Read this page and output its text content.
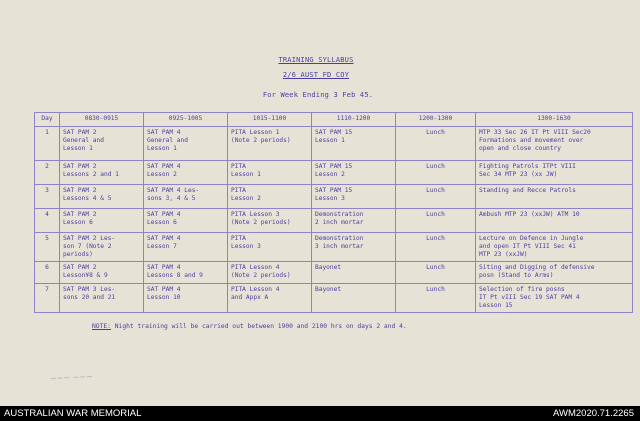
TRAINING SYLLABUS
2/6 AUST FD COY
For Week Ending 3 Feb 45.
Day	0830-0915	0925-1005	1015-1100	1110-1200	1200-1300	1300-1630
1	SAT PAM 2
General and
Lesson 1	SAT PAM 4
General and
Lesson 1	PITA Lesson 1
(Note 2 periods)	SAT PAM 15
Lesson 1	Lunch	MTP 33 Sec 26 IT Pt VIII Sec20
Formations and movement over
open and close country
2	SAT PAM 2
Lessons 2 and 1	SAT PAM 4
Lesson 2	PITA
Lesson 1	SAT PAM 15
Lesson 2	Lunch	Fighting Patrols ITPt VIII
Sec 34 MTP 23 (xx JW)
3	SAT PAM 2
Lessons 4 & 5	SAT PAM 4 Les-
sons 3, 4 & 5	PITA
Lesson 2	SAT PAM 15
Lesson 3	Lunch	Standing and Recce Patrols
4	SAT PAM 2
Lesson 6	SAT PAM 4
Lesson 6	PITA Lesson 3
(Note 2 periods)	Demonstration
2 inch mortar	Lunch	Ambush MTP 23 (xxJW) ATM 10
5	SAT PAM 2 Les-
son 7 (Note 2
periods)	SAT PAM 4
Lesson 7	PITA
Lesson 3	Demonstration
3 inch mortar	Lunch	Lecture on Defence in Jungle
and open IT Pt VIII Sec 41
MTP 23 (xxJW)
6	SAT PAM 2
Lesson¥8 & 9	SAT PAM 4
Lessons 8 and 9	PITA Lesson 4
(Note 2 periods)	Bayonet	Lunch	Siting and Digging of defensive
posn (Stand to Arms)
7	SAT PAM 3 Les-
sons 20 and 21	SAT PAM 4
Lesson 10	PITA Lesson 4
and Appx A	Bayonet	Lunch	Selection of fire posns
IT Pt vIII Sec 19 SAT PAM 4
Lesson 15
NOTE: Night training will be carried out between 1900 and 2100 hrs on days 2 and 4.
~~~ ~~~
AUSTRALIAN WAR MEMORIAL	AWM2020.71.2265
